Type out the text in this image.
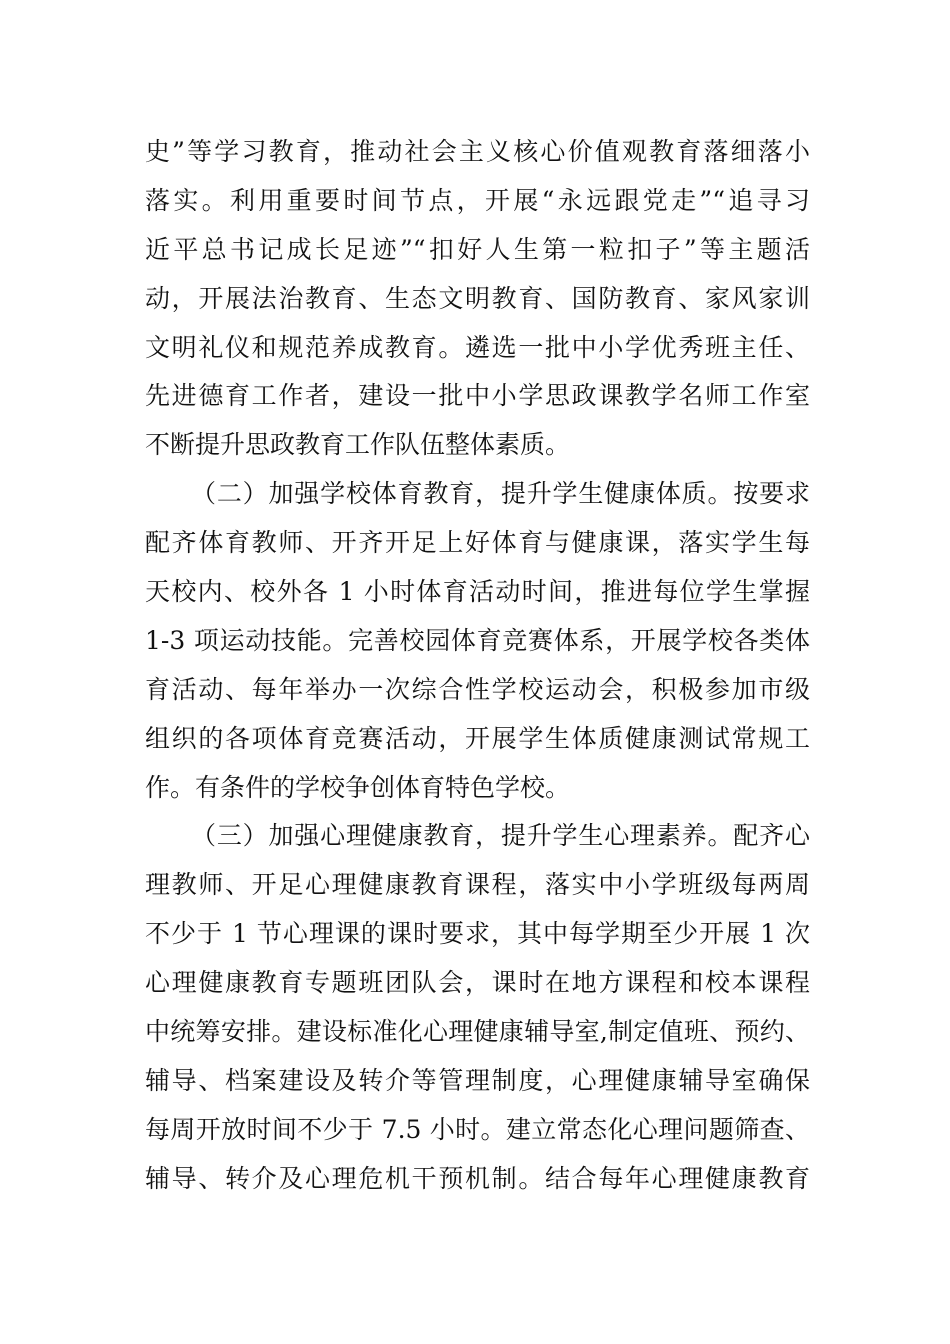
史”等学习教育，推动社会主义核心价值观教育落细落小
落实。利用重要时间节点，开展“永远跟党走”“追寻习
近平总书记成长足迹”“扣好人生第一粒扣子”等主题活
动，开展法治教育、生态文明教育、国防教育、家风家训
文明礼仪和规范养成教育。遴选一批中小学优秀班主任、
先进德育工作者，建设一批中小学思政课教学名师工作室
不断提升思政教育工作队伍整体素质。
（二）加强学校体育教育，提升学生健康体质。按要求
配齐体育教师、开齐开足上好体育与健康课，落实学生每
天校内、校外各 1 小时体育活动时间，推进每位学生掌握
1-3 项运动技能。完善校园体育竞赛体系，开展学校各类体
育活动、每年举办一次综合性学校运动会，积极参加市级
组织的各项体育竞赛活动，开展学生体质健康测试常规工
作。有条件的学校争创体育特色学校。
（三）加强心理健康教育，提升学生心理素养。配齐心
理教师、开足心理健康教育课程，落实中小学班级每两周
不少于 1 节心理课的课时要求，其中每学期至少开展 1 次
心理健康教育专题班团队会，课时在地方课程和校本课程
中统筹安排。建设标准化心理健康辅导室,制定值班、预约、
辅导、档案建设及转介等管理制度，心理健康辅导室确保
每周开放时间不少于 7.5 小时。建立常态化心理问题筛查、
辅导、转介及心理危机干预机制。结合每年心理健康教育
